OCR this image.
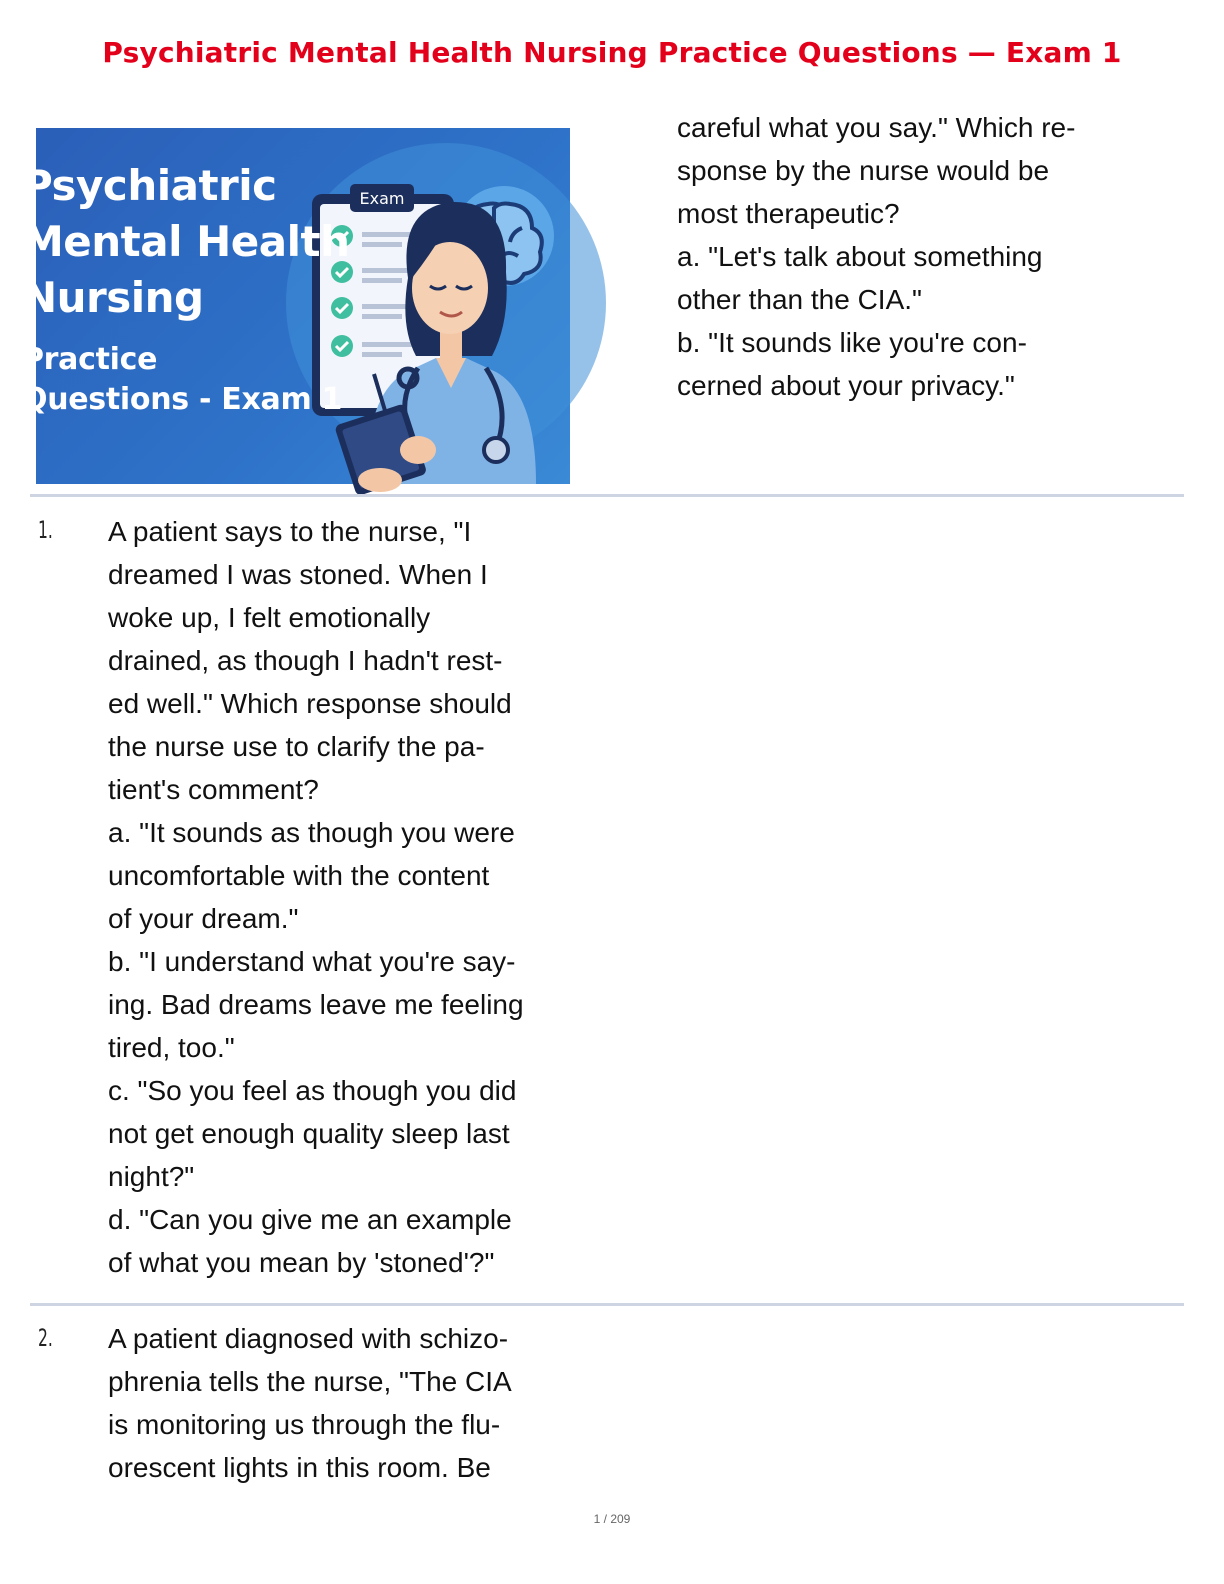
Psychiatric Mental Health Nursing Practice Questions — Exam 1
Exam
Psychiatric
Mental Health
Nursing
Practice
Questions - Exam 1

careful what you say." Which re-

sponse by the nurse would be

most therapeutic?

a. "Let's talk about something

other than the CIA."

b. "It sounds like you're con-

cerned about your privacy."

1. A patient says to the nurse, "I

dreamed I was stoned. When I

woke up, I felt emotionally

drained, as though I hadn't rest-

ed well." Which response should

the nurse use to clarify the pa-

tient's comment?

a. "It sounds as though you were

uncomfortable with the content

of your dream."

b. "I understand what you're say-

ing. Bad dreams leave me feeling

tired, too."

c. "So you feel as though you did

not get enough quality sleep last

night?"

d. "Can you give me an example

of what you mean by 'stoned'?"

2. A patient diagnosed with schizo-

phrenia tells the nurse, "The CIA

is monitoring us through the flu-

orescent lights in this room. Be

1 / 209
